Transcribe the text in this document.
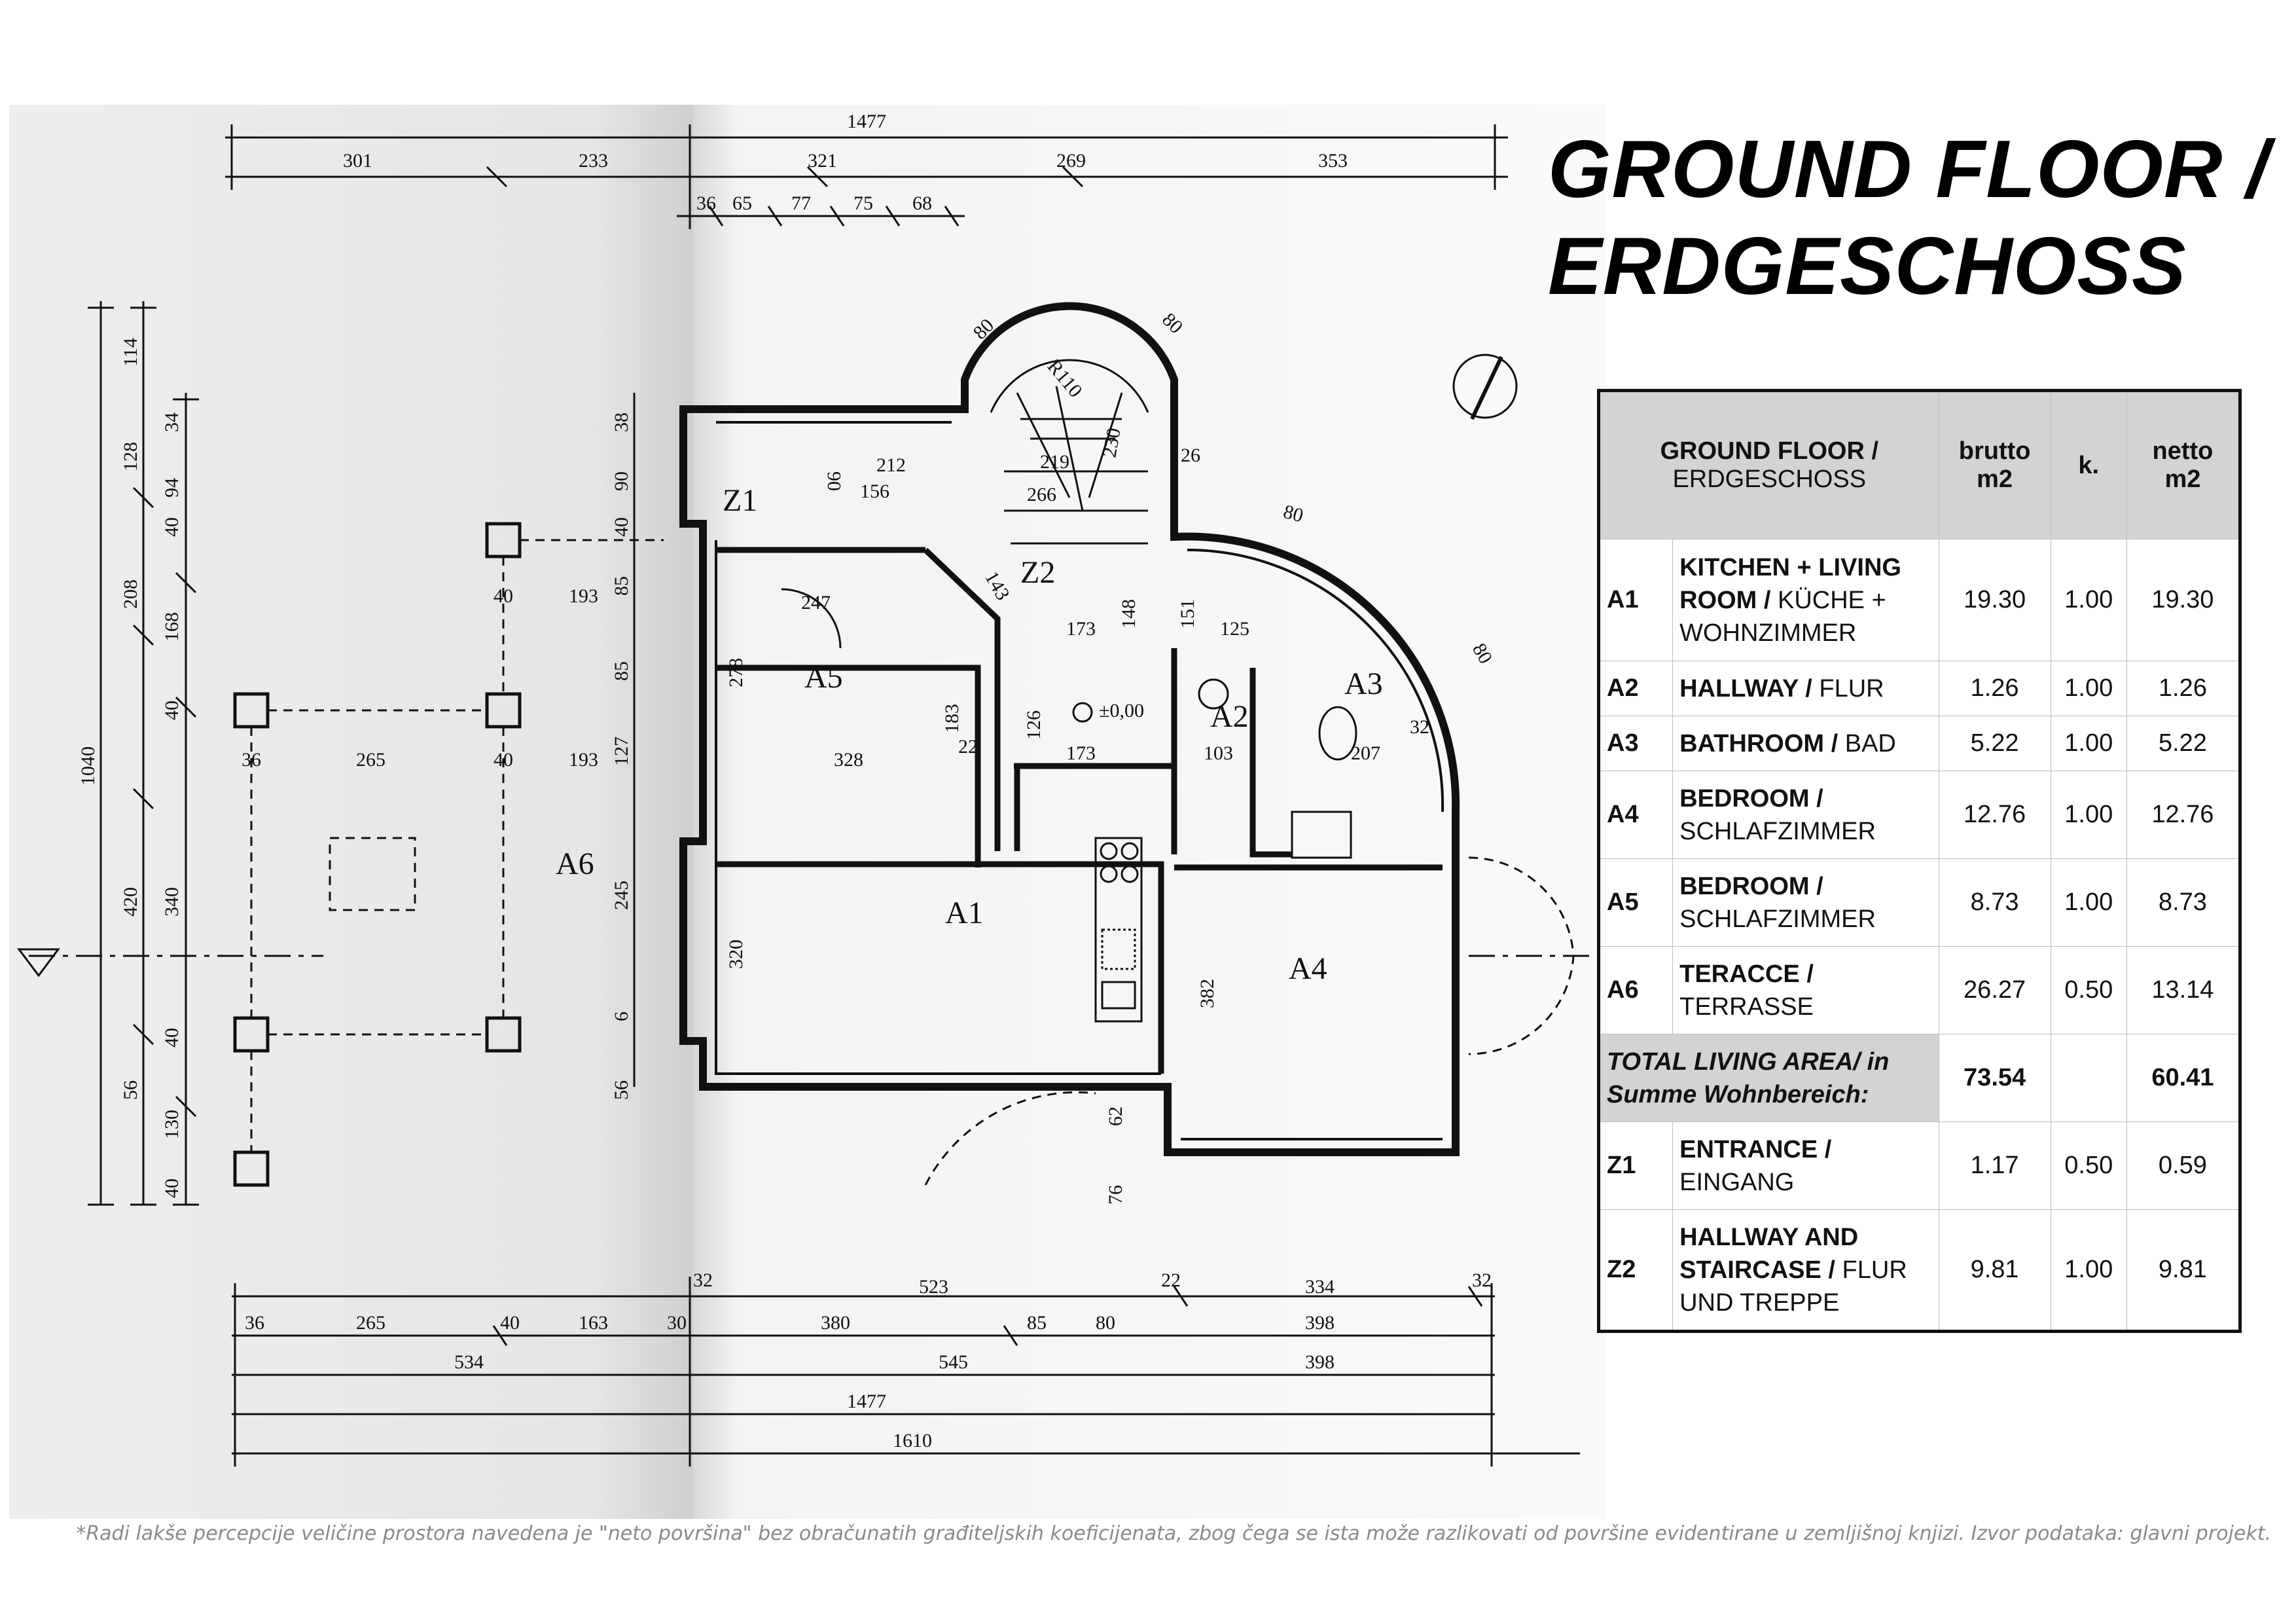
1477
301	233	321	269	353
36 65 77 75 68
36	265	40	163	30	380	85	80	398
534	545	398
1477
1610
32	523	22	334	32
1040
114
128
34
94
40
208
168
40
420 340
40
56
130
40
38
90
40
85
85
127
245
6
56
193
193
40
40
265
36
247
278
328
320
183
22
173
173
126
103
125
148 151
382
62
76
207
32
80	80
80
80
212
156
219
266
26
230
143
R110
06
A1
A2
A3
A4
A5
A6
Z1
Z2
±0,00
GROUND FLOOR /
ERDGESCHOSS
GROUND FLOOR /
ERDGESCHOSS		brutto m2	k.	netto m2
A1	KITCHEN + LIVING ROOM / KÜCHE + WOHNZIMMER	19.30	1.00	19.30
A2	HALLWAY / FLUR	1.26	1.00	1.26
A3	BATHROOM / BAD	5.22	1.00	5.22
A4	BEDROOM /
SCHLAFZIMMER	12.76	1.00	12.76
A5	BEDROOM /
SCHLAFZIMMER	8.73	1.00	8.73
A6	TERACCE /
TERRASSE	26.27	0.50	13.14
TOTAL LIVING AREA/ in Summe Wohnbereich:		73.54		60.41
Z1	ENTRANCE /
EINGANG	1.17	0.50	0.59
Z2	HALLWAY AND STAIRCASE / FLUR UND TREPPE	9.81	1.00	9.81
*Radi lakše percepcije veličine prostora navedena je "neto površina" bez obračunatih građiteljskih koeficijenata, zbog čega se ista može razlikovati od površine evidentirane u zemljišnoj knjizi. Izvor podataka: glavni projekt.
